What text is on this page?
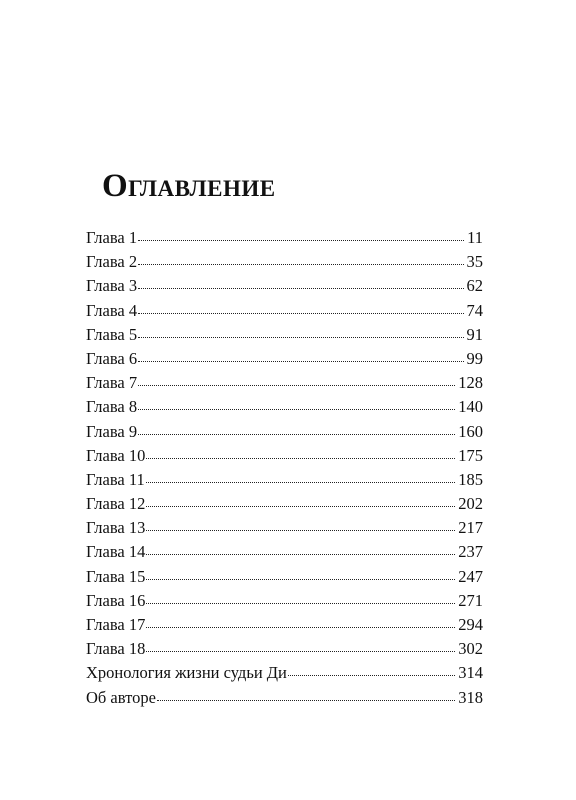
Оглавление
Глава 1	11
Глава 2	35
Глава 3	62
Глава 4	74
Глава 5	91
Глава 6	99
Глава 7	128
Глава 8	140
Глава 9	160
Глава 10	175
Глава 11	185
Глава 12	202
Глава 13	217
Глава 14	237
Глава 15	247
Глава 16	271
Глава 17	294
Глава 18	302
Хронология жизни судьи Ди	314
Об авторе	318
